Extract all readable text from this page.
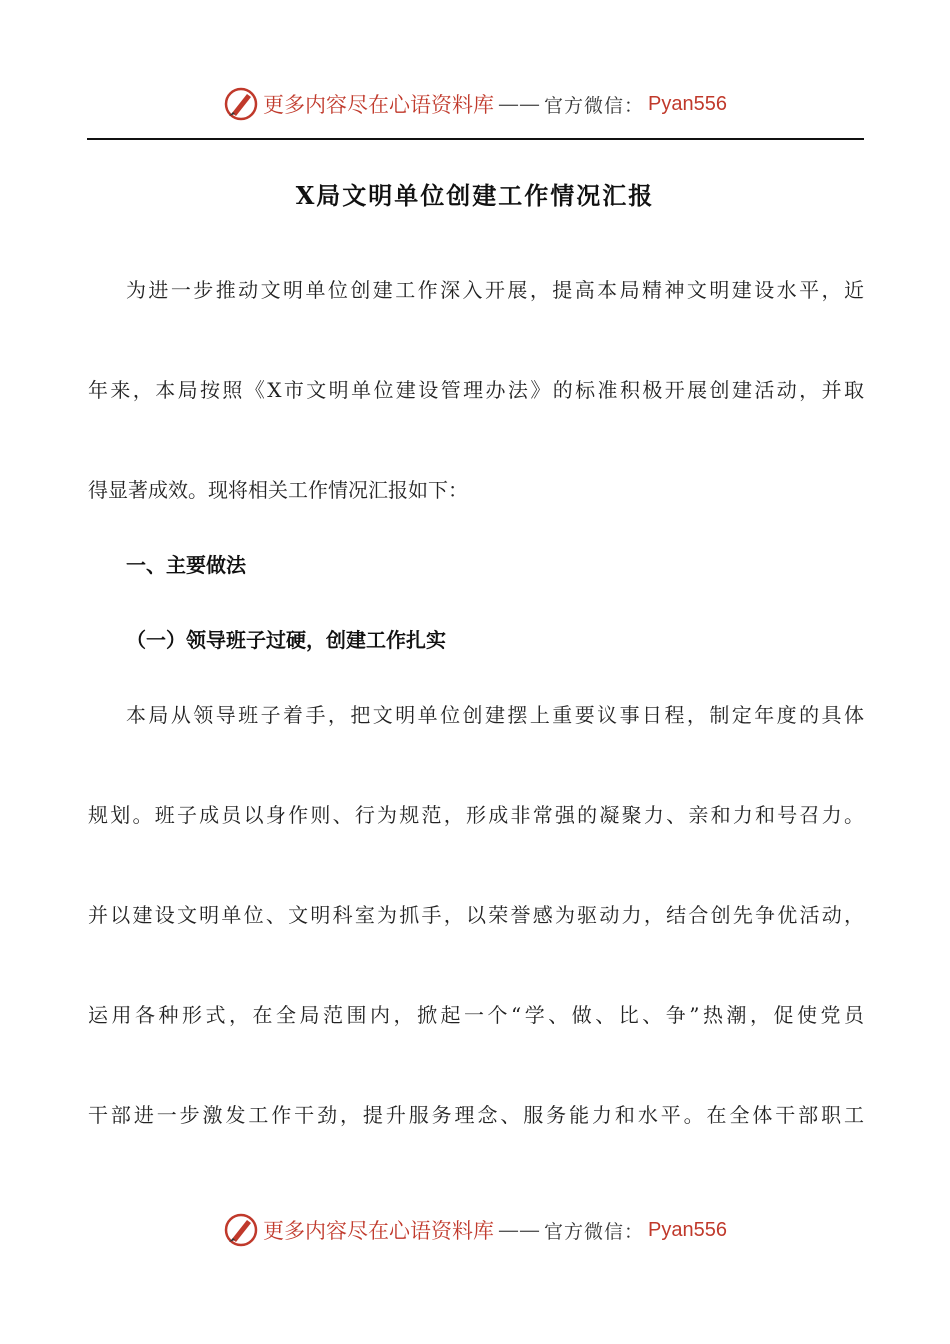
更多内容尽在心语资料库 —— 官方微信： Pyan556
X局文明单位创建工作情况汇报
为进一步推动文明单位创建工作深入开展，提高本局精神文明建设水平，近
年来，本局按照《X市文明单位建设管理办法》的标准积极开展创建活动，并取
得显著成效。现将相关工作情况汇报如下：
一、主要做法
（一）领导班子过硬，创建工作扎实
本局从领导班子着手，把文明单位创建摆上重要议事日程，制定年度的具体
规划。班子成员以身作则、行为规范，形成非常强的凝聚力、亲和力和号召力。
并以建设文明单位、文明科室为抓手，以荣誉感为驱动力，结合创先争优活动，
运用各种形式，在全局范围内，掀起一个“学、做、比、争”热潮，促使党员
干部进一步激发工作干劲，提升服务理念、服务能力和水平。在全体干部职工
更多内容尽在心语资料库 —— 官方微信： Pyan556
